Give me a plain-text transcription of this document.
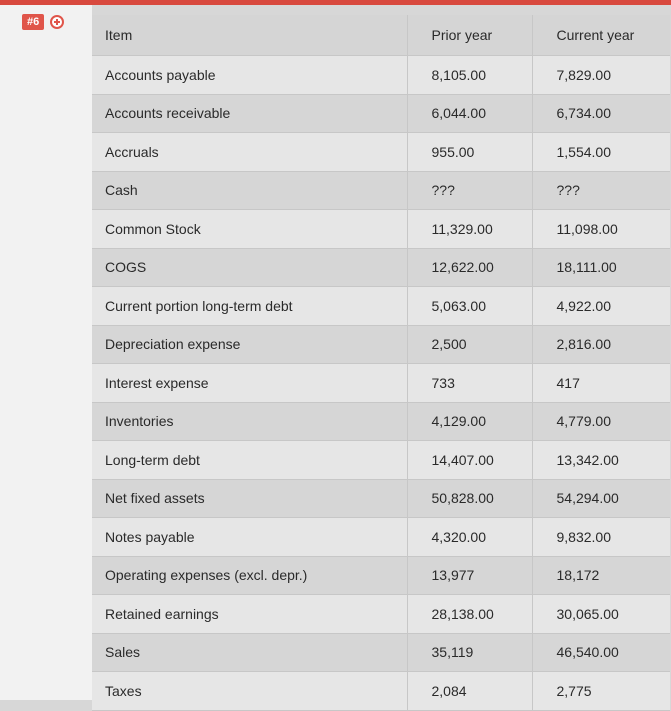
#6
Item	Prior year	Current year
Accounts payable	8,105.00	7,829.00
Accounts receivable	6,044.00	6,734.00
Accruals	955.00	1,554.00
Cash	???	???
Common Stock	11,329.00	11,098.00
COGS	12,622.00	18,111.00
Current portion long-term debt	5,063.00	4,922.00
Depreciation expense	2,500	2,816.00
Interest expense	733	417
Inventories	4,129.00	4,779.00
Long-term debt	14,407.00	13,342.00
Net fixed assets	50,828.00	54,294.00
Notes payable	4,320.00	9,832.00
Operating expenses (excl. depr.)	13,977	18,172
Retained earnings	28,138.00	30,065.00
Sales	35,119	46,540.00
Taxes	2,084	2,775
